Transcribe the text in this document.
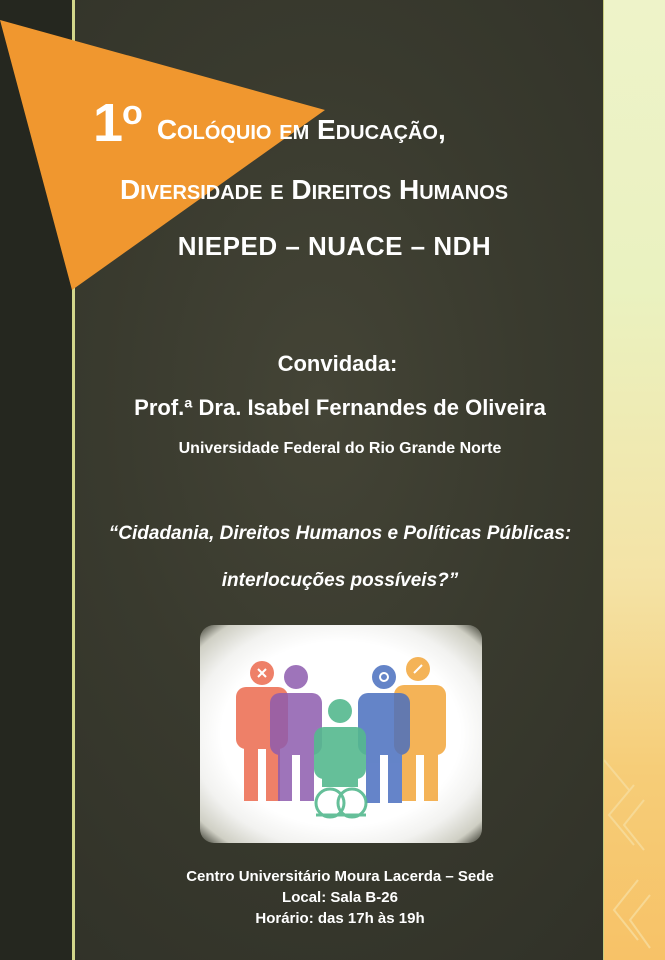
1o Colóquio em Educação,
Diversidade e Direitos Humanos
NIEPED – NUACE – NDH
Convidada:
Prof.ª Dra. Isabel Fernandes de Oliveira
Universidade Federal do Rio Grande Norte
“Cidadania, Direitos Humanos e Políticas Públicas:
interlocuções possíveis?”
Centro Universitário Moura Lacerda – Sede
Local: Sala B-26
Horário: das 17h às 19h
